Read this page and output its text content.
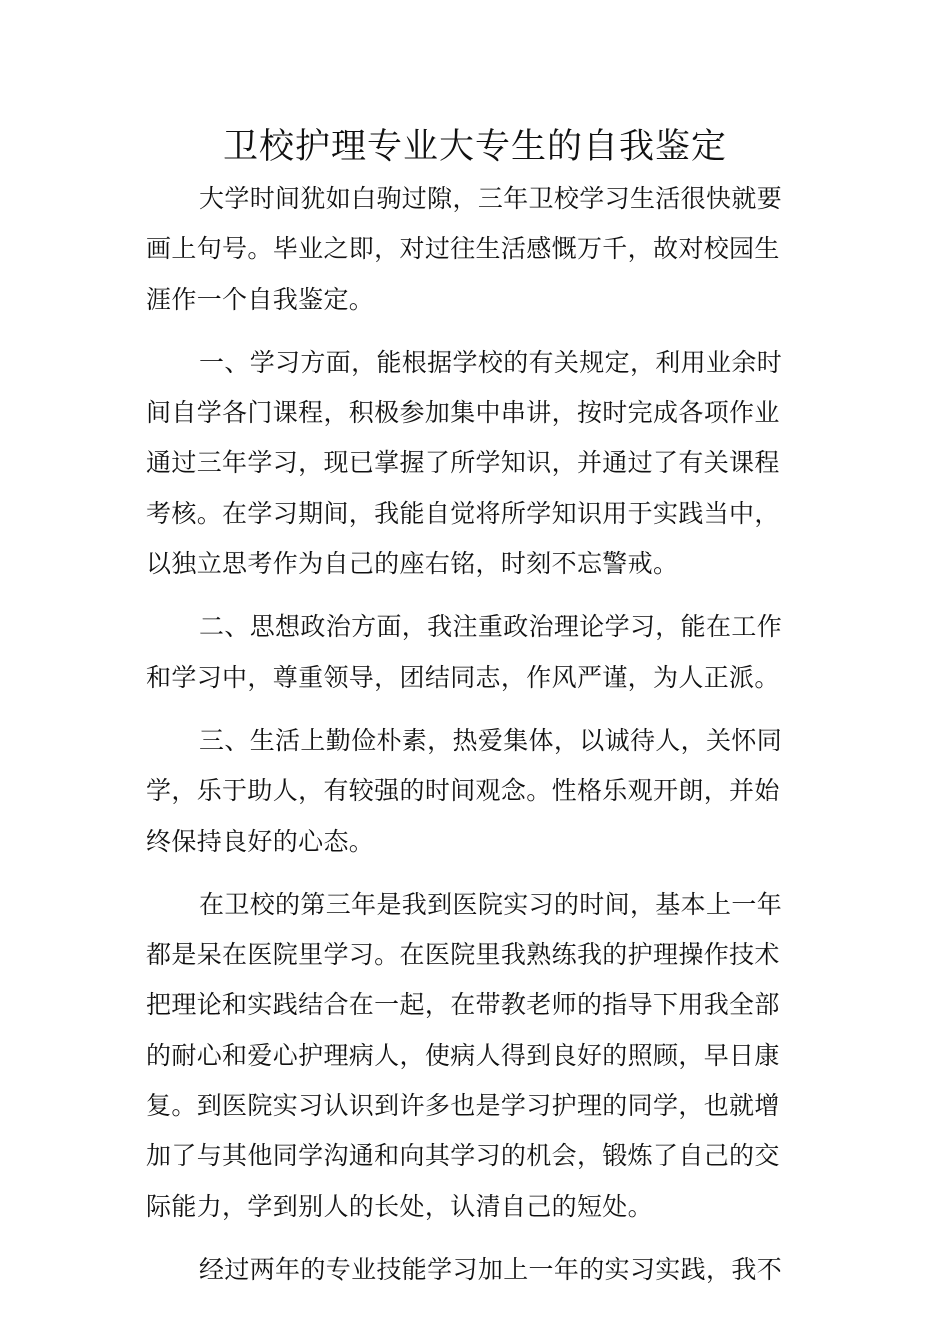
卫校护理专业大专生的自我鉴定
大学时间犹如白驹过隙，三年卫校学习生活很快就要
画上句号。毕业之即，对过往生活感慨万千，故对校园生
涯作一个自我鉴定。
一、学习方面，能根据学校的有关规定，利用业余时
间自学各门课程，积极参加集中串讲，按时完成各项作业
通过三年学习，现已掌握了所学知识，并通过了有关课程
考核。在学习期间，我能自觉将所学知识用于实践当中，
以独立思考作为自己的座右铭，时刻不忘警戒。
二、思想政治方面，我注重政治理论学习，能在工作
和学习中，尊重领导，团结同志，作风严谨，为人正派。
三、生活上勤俭朴素，热爱集体，以诚待人，关怀同
学，乐于助人，有较强的时间观念。性格乐观开朗，并始
终保持良好的心态。
在卫校的第三年是我到医院实习的时间，基本上一年
都是呆在医院里学习。在医院里我熟练我的护理操作技术
把理论和实践结合在一起，在带教老师的指导下用我全部
的耐心和爱心护理病人，使病人得到良好的照顾，早日康
复。到医院实习认识到许多也是学习护理的同学，也就增
加了与其他同学沟通和向其学习的机会，锻炼了自己的交
际能力，学到别人的长处，认清自己的短处。
经过两年的专业技能学习加上一年的实习实践，我不
